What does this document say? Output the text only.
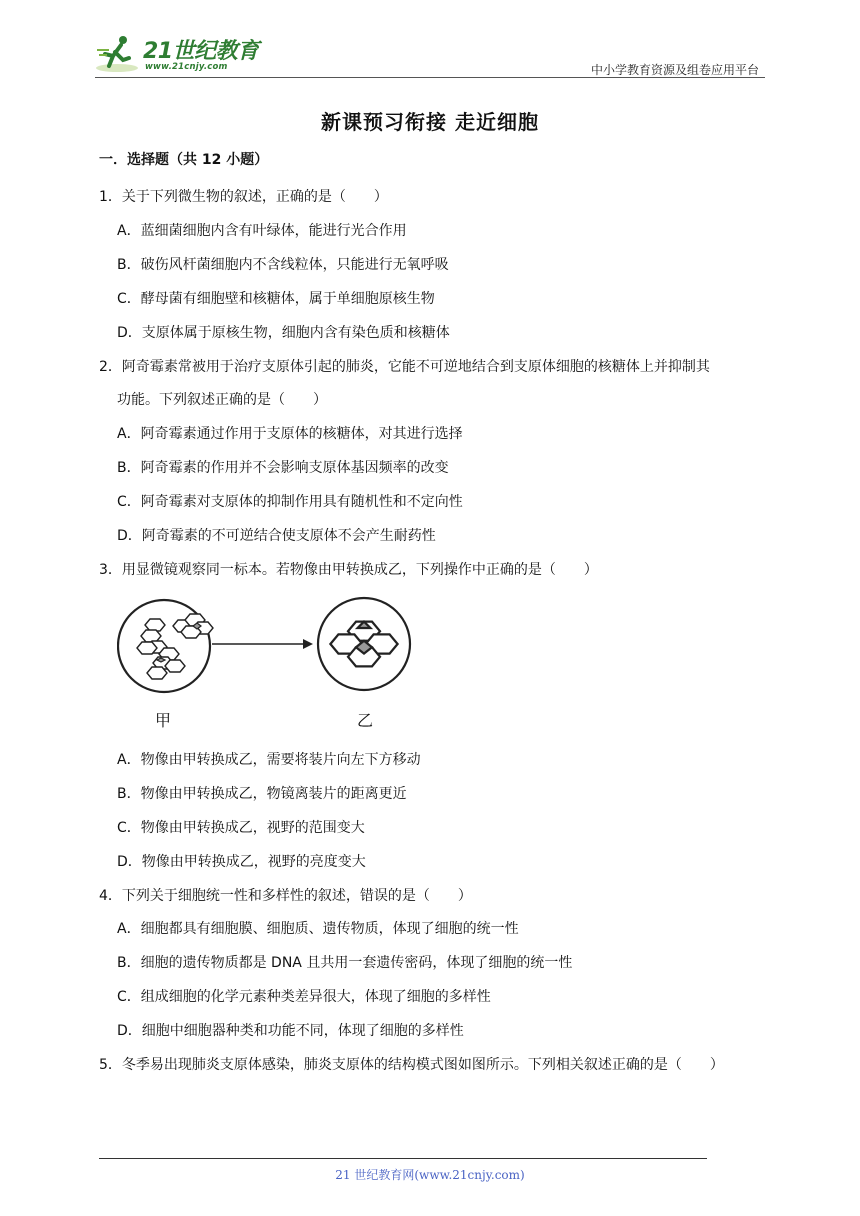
21世纪教育
www.21cnjy.com	中小学教育资源及组卷应用平台
新课预习衔接 走近细胞
一．选择题（共 12 小题）
1．关于下列微生物的叙述，正确的是（　　）
A．蓝细菌细胞内含有叶绿体，能进行光合作用
B．破伤风杆菌细胞内不含线粒体，只能进行无氧呼吸
C．酵母菌有细胞壁和核糖体，属于单细胞原核生物
D．支原体属于原核生物，细胞内含有染色质和核糖体
2．阿奇霉素常被用于治疗支原体引起的肺炎，它能不可逆地结合到支原体细胞的核糖体上并抑制其
功能。下列叙述正确的是（　　）
A．阿奇霉素通过作用于支原体的核糖体，对其进行选择
B．阿奇霉素的作用并不会影响支原体基因频率的改变
C．阿奇霉素对支原体的抑制作用具有随机性和不定向性
D．阿奇霉素的不可逆结合使支原体不会产生耐药性
3．用显微镜观察同一标本。若物像由甲转换成乙，下列操作中正确的是（　　）
甲	乙
A．物像由甲转换成乙，需要将装片向左下方移动
B．物像由甲转换成乙，物镜离装片的距离更近
C．物像由甲转换成乙，视野的范围变大
D．物像由甲转换成乙，视野的亮度变大
4．下列关于细胞统一性和多样性的叙述，错误的是（　　）
A．细胞都具有细胞膜、细胞质、遗传物质，体现了细胞的统一性
B．细胞的遗传物质都是 DNA 且共用一套遗传密码，体现了细胞的统一性
C．组成细胞的化学元素种类差异很大，体现了细胞的多样性
D．细胞中细胞器种类和功能不同，体现了细胞的多样性
5．冬季易出现肺炎支原体感染，肺炎支原体的结构模式图如图所示。下列相关叙述正确的是（　　）
21 世纪教育网(www.21cnjy.com)
